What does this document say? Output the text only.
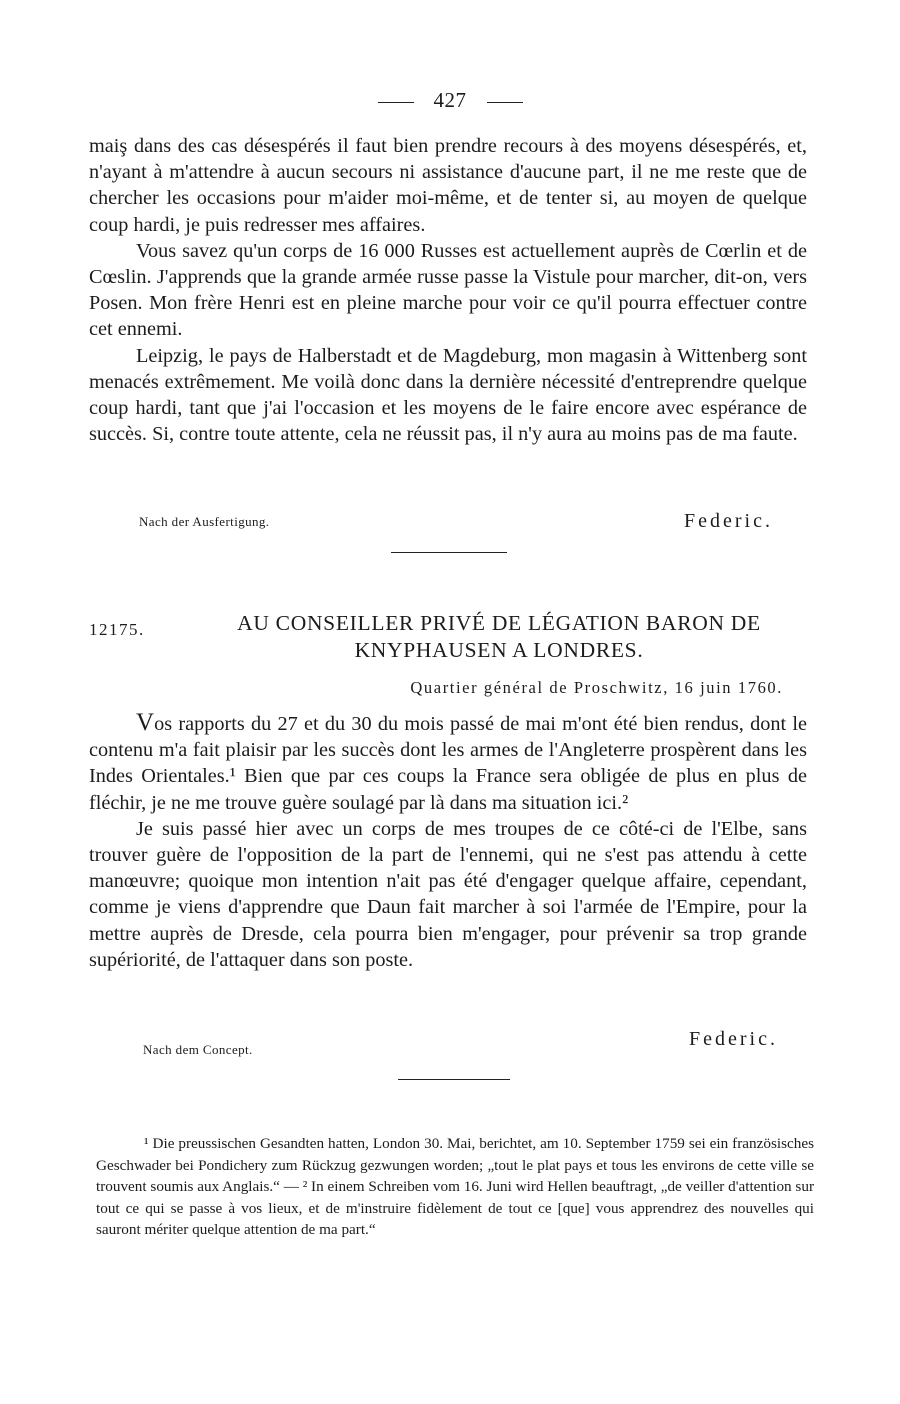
427

maiş dans des cas désespérés il faut bien prendre recours à des moyens désespérés, et, n'ayant à m'attendre à aucun secours ni assistance d'aucune part, il ne me reste que de chercher les occasions pour m'aider moi-même, et de tenter si, au moyen de quelque coup hardi, je puis redresser mes affaires.

Vous savez qu'un corps de 16 000 Russes est actuellement auprès de Cœrlin et de Cœslin. J'apprends que la grande armée russe passe la Vistule pour marcher, dit-on, vers Posen. Mon frère Henri est en pleine marche pour voir ce qu'il pourra effectuer contre cet ennemi.

Leipzig, le pays de Halberstadt et de Magdeburg, mon magasin à Wittenberg sont menacés extrêmement. Me voilà donc dans la dernière nécessité d'entreprendre quelque coup hardi, tant que j'ai l'occasion et les moyens de le faire encore avec espérance de succès. Si, contre toute attente, cela ne réussit pas, il n'y aura au moins pas de ma faute.

Nach der Ausfertigung.	Federic.
12175.	AU CONSEILLER PRIVÉ DE LÉGATION BARON DE KNYPHAUSEN A LONDRES.
Quartier général de Proschwitz, 16 juin 1760.

Vos rapports du 27 et du 30 du mois passé de mai m'ont été bien rendus, dont le contenu m'a fait plaisir par les succès dont les armes de l'Angleterre prospèrent dans les Indes Orientales.¹ Bien que par ces coups la France sera obligée de plus en plus de fléchir, je ne me trouve guère soulagé par là dans ma situation ici.²

Je suis passé hier avec un corps de mes troupes de ce côté-ci de l'Elbe, sans trouver guère de l'opposition de la part de l'ennemi, qui ne s'est pas attendu à cette manœuvre; quoique mon intention n'ait pas été d'engager quelque affaire, cependant, comme je viens d'apprendre que Daun fait marcher à soi l'armée de l'Empire, pour la mettre auprès de Dresde, cela pourra bien m'engager, pour prévenir sa trop grande supériorité, de l'attaquer dans son poste.

Nach dem Concept.	Federic.

¹ Die preussischen Gesandten hatten, London 30. Mai, berichtet, am 10. September 1759 sei ein französisches Geschwader bei Pondichery zum Rückzug gezwungen worden; „tout le plat pays et tous les environs de cette ville se trouvent soumis aux Anglais.“ — ² In einem Schreiben vom 16. Juni wird Hellen beauftragt, „de veiller d'attention sur tout ce qui se passe à vos lieux, et de m'instruire fidèlement de tout ce [que] vous apprendrez des nouvelles qui sauront mériter quelque attention de ma part.“
